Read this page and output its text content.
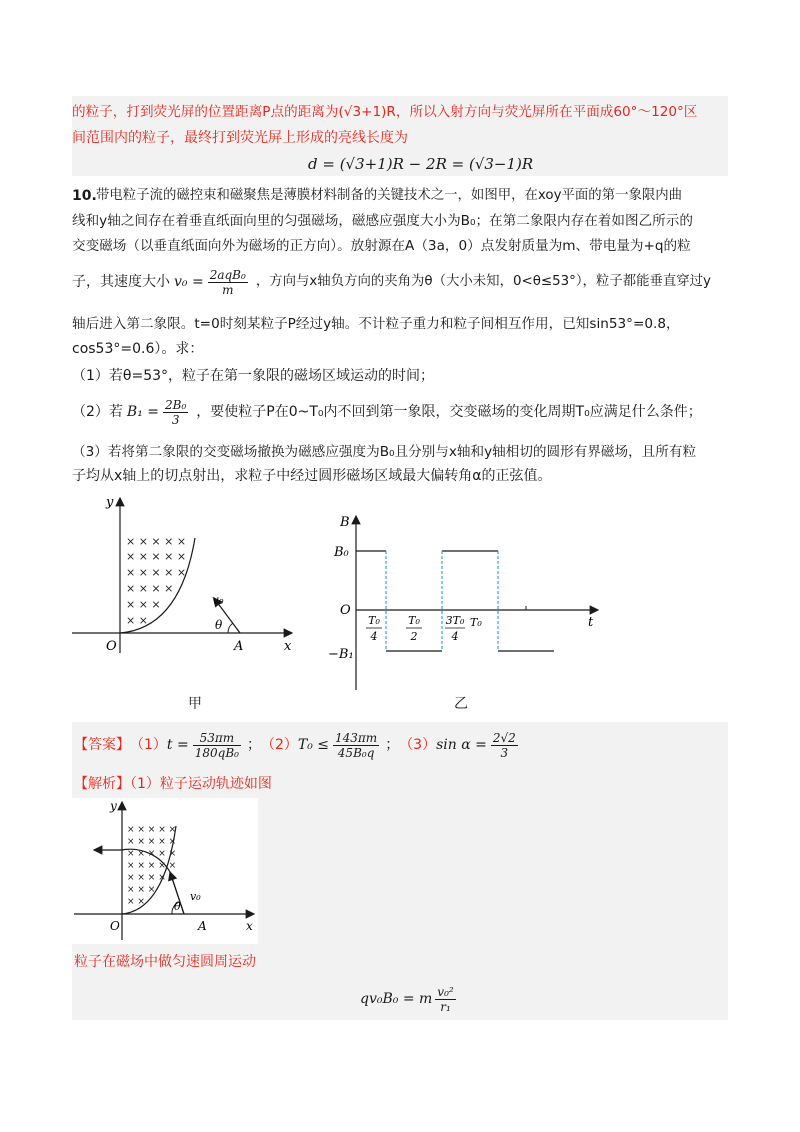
的粒子，打到荧光屏的位置距离P点的距离为(√3+1)R，所以入射方向与荧光屏所在平面成60°～120°区
间范围内的粒子，最终打到荧光屏上形成的亮线长度为
d = (√3+1)R − 2R = (√3−1)R
10. 带电粒子流的磁控束和磁聚焦是薄膜材料制备的关键技术之一，如图甲，在xoy平面的第一象限内曲
线和y轴之间存在着垂直纸面向里的匀强磁场，磁感应强度大小为B₀；在第二象限内存在着如图乙所示的
交变磁场（以垂直纸面向外为磁场的正方向）。放射源在A（3a，0）点发射质量为m、带电量为+q的粒
子，其速度大小 $v_0 = \frac{\text{2aqB₀}}{m}$ ，方向与x轴负方向的夹角为θ（大小未知，0<θ≤53°），粒子都能垂直穿过y
轴后进入第二象限。t=0时刻某粒子P经过y轴。不计粒子重力和粒子间相互作用，已知sin53°=0.8，
cos53°=0.6）。求：
（1）若θ=53°，粒子在第一象限的磁场区域运动的时间；
（2）若 $B_1 = \frac{\text{2B₀}}{3}$ ，要使粒子P在0~T₀内不回到第一象限，交变磁场的变化周期T₀应满足什么条件；
（3）若将第二象限的交变磁场撤换为磁感应强度为B₀且分别与x轴和y轴相切的圆形有界磁场，且所有粒
子均从x轴上的切点射出，求粒子中经过圆形磁场区域最大偏转角α的正弦值。
× × × × ×
× × × × ×
× × × × ×
× × × ×
× × ×
× ×
y
x
O	A
v₀
θ
甲
B
t
B₀
−B₁
O
T₀
4
T₀
2
3T₀
4
T₀
乙
【答案】 （1） $t = \frac{53\pi m}{\text{180qB₀}}$ ； （2） $T_0 \le \frac{143\pi m}{\text{45B₀q}}$ ； （3） $\sin \alpha = \frac{2√2}{3}$
【解析】（1）粒子运动轨迹如图
× × × × ×
× × × × ×
× × × × ×
× × × × ×
× × × ×
× × ×
× ×
y
x
O	A
v₀
θ
粒子在磁场中做匀速圆周运动
qv₀B₀ = m $\frac{\text{v₀²}}{\text{r₁}}$
